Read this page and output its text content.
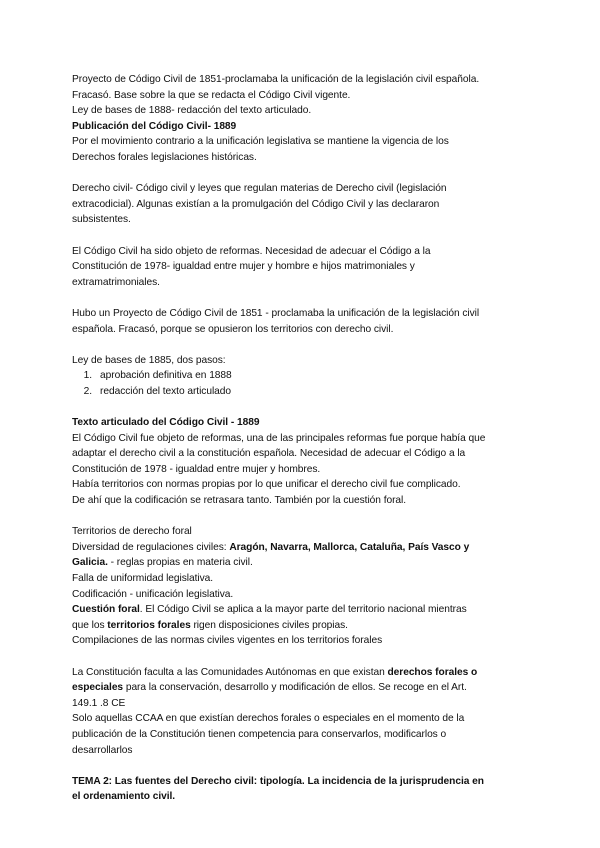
Proyecto de Código Civil de 1851-proclamaba la unificación de la legislación civil española.
Fracasó. Base sobre la que se redacta el Código Civil vigente.
Ley de bases de 1888- redacción del texto articulado.
Publicación del Código Civil- 1889
Por el movimiento contrario a la unificación legislativa se mantiene la vigencia de los
Derechos forales legislaciones históricas.
Derecho civil- Código civil y leyes que regulan materias de Derecho civil (legislación
extracodicial). Algunas existían a la promulgación del Código Civil y las declararon
subsistentes.
El Código Civil ha sido objeto de reformas. Necesidad de adecuar el Código a la
Constitución de 1978- igualdad entre mujer y hombre e hijos matrimoniales y
extramatrimoniales.
Hubo un Proyecto de Código Civil de 1851 - proclamaba la unificación de la legislación civil
española. Fracasó, porque se opusieron los territorios con derecho civil.
Ley de bases de 1885, dos pasos:
1. aprobación definitiva en 1888
2. redacción del texto articulado
Texto articulado del Código Civil - 1889
El Código Civil fue objeto de reformas, una de las principales reformas fue porque había que
adaptar el derecho civil a la constitución española. Necesidad de adecuar el Código a la
Constitución de 1978 - igualdad entre mujer y hombres.
Había territorios con normas propias por lo que unificar el derecho civil fue complicado.
De ahí que la codificación se retrasara tanto. También por la cuestión foral.
Territorios de derecho foral
Diversidad de regulaciones civiles: Aragón, Navarra, Mallorca, Cataluña, País Vasco y
Galicia. - reglas propias en materia civil.
Falla de uniformidad legislativa.
Codificación - unificación legislativa.
Cuestión foral. El Código Civil se aplica a la mayor parte del territorio nacional mientras
que los territorios forales rigen disposiciones civiles propias.
Compilaciones de las normas civiles vigentes en los territorios forales
La Constitución faculta a las Comunidades Autónomas en que existan derechos forales o
especiales para la conservación, desarrollo y modificación de ellos. Se recoge en el Art.
149.1 .8 CE
Solo aquellas CCAA en que existían derechos forales o especiales en el momento de la
publicación de la Constitución tienen competencia para conservarlos, modificarlos o
desarrollarlos
TEMA 2: Las fuentes del Derecho civil: tipología. La incidencia de la jurisprudencia en
el ordenamiento civil.
